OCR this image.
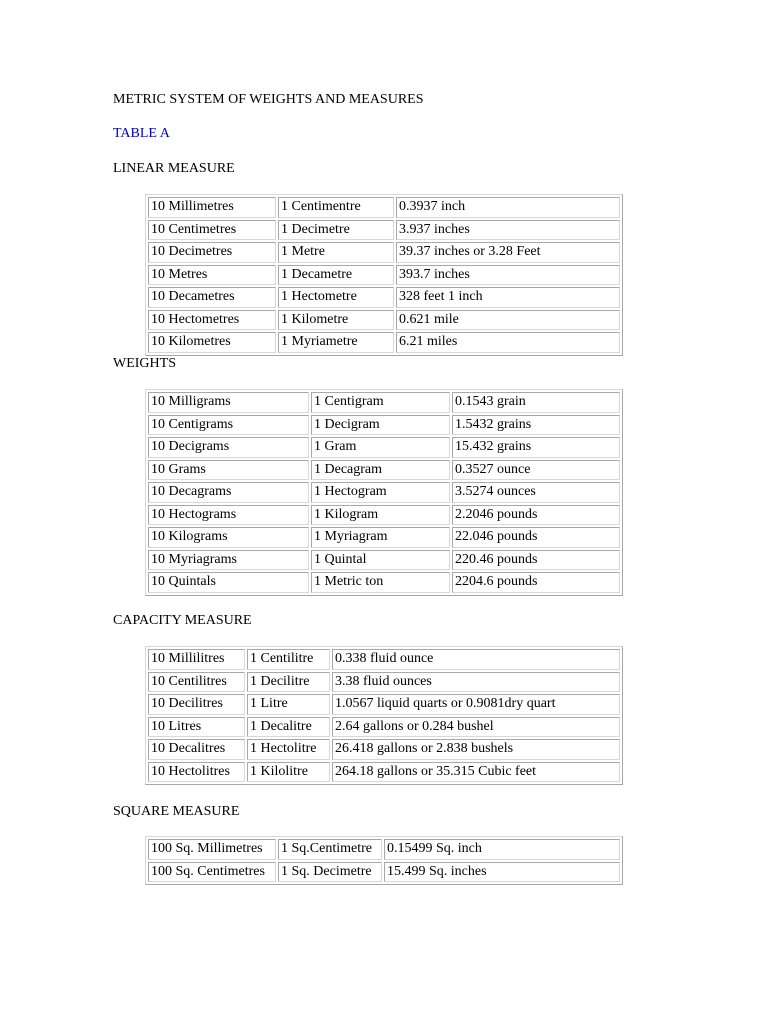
METRIC SYSTEM OF WEIGHTS AND MEASURES
TABLE A
LINEAR MEASURE
10 Millimetres	1 Centimentre	0.3937 inch
10 Centimetres	1 Decimetre	3.937 inches
10 Decimetres	1 Metre	39.37 inches or 3.28 Feet
10 Metres	1 Decametre	393.7 inches
10 Decametres	1 Hectometre	328 feet 1 inch
10 Hectometres	1 Kilometre	0.621 mile
10 Kilometres	1 Myriametre	6.21 miles
WEIGHTS
10 Milligrams	1 Centigram	0.1543 grain
10 Centigrams	1 Decigram	1.5432 grains
10 Decigrams	1 Gram	15.432 grains
10 Grams	1 Decagram	0.3527 ounce
10 Decagrams	1 Hectogram	3.5274 ounces
10 Hectograms	1 Kilogram	2.2046 pounds
10 Kilograms	1 Myriagram	22.046 pounds
10 Myriagrams	1 Quintal	220.46 pounds
10 Quintals	1 Metric ton	2204.6 pounds
CAPACITY MEASURE
10 Millilitres	1 Centilitre	0.338 fluid ounce
10 Centilitres	1 Decilitre	3.38 fluid ounces
10 Decilitres	1 Litre	1.0567 liquid quarts or 0.9081dry quart
10 Litres	1 Decalitre	2.64 gallons or 0.284 bushel
10 Decalitres	1 Hectolitre	26.418 gallons or 2.838 bushels
10 Hectolitres	1 Kilolitre	264.18 gallons or 35.315 Cubic feet
SQUARE MEASURE
100 Sq. Millimetres	1 Sq.Centimetre	0.15499 Sq. inch
100 Sq. Centimetres	1 Sq. Decimetre	15.499 Sq. inches
